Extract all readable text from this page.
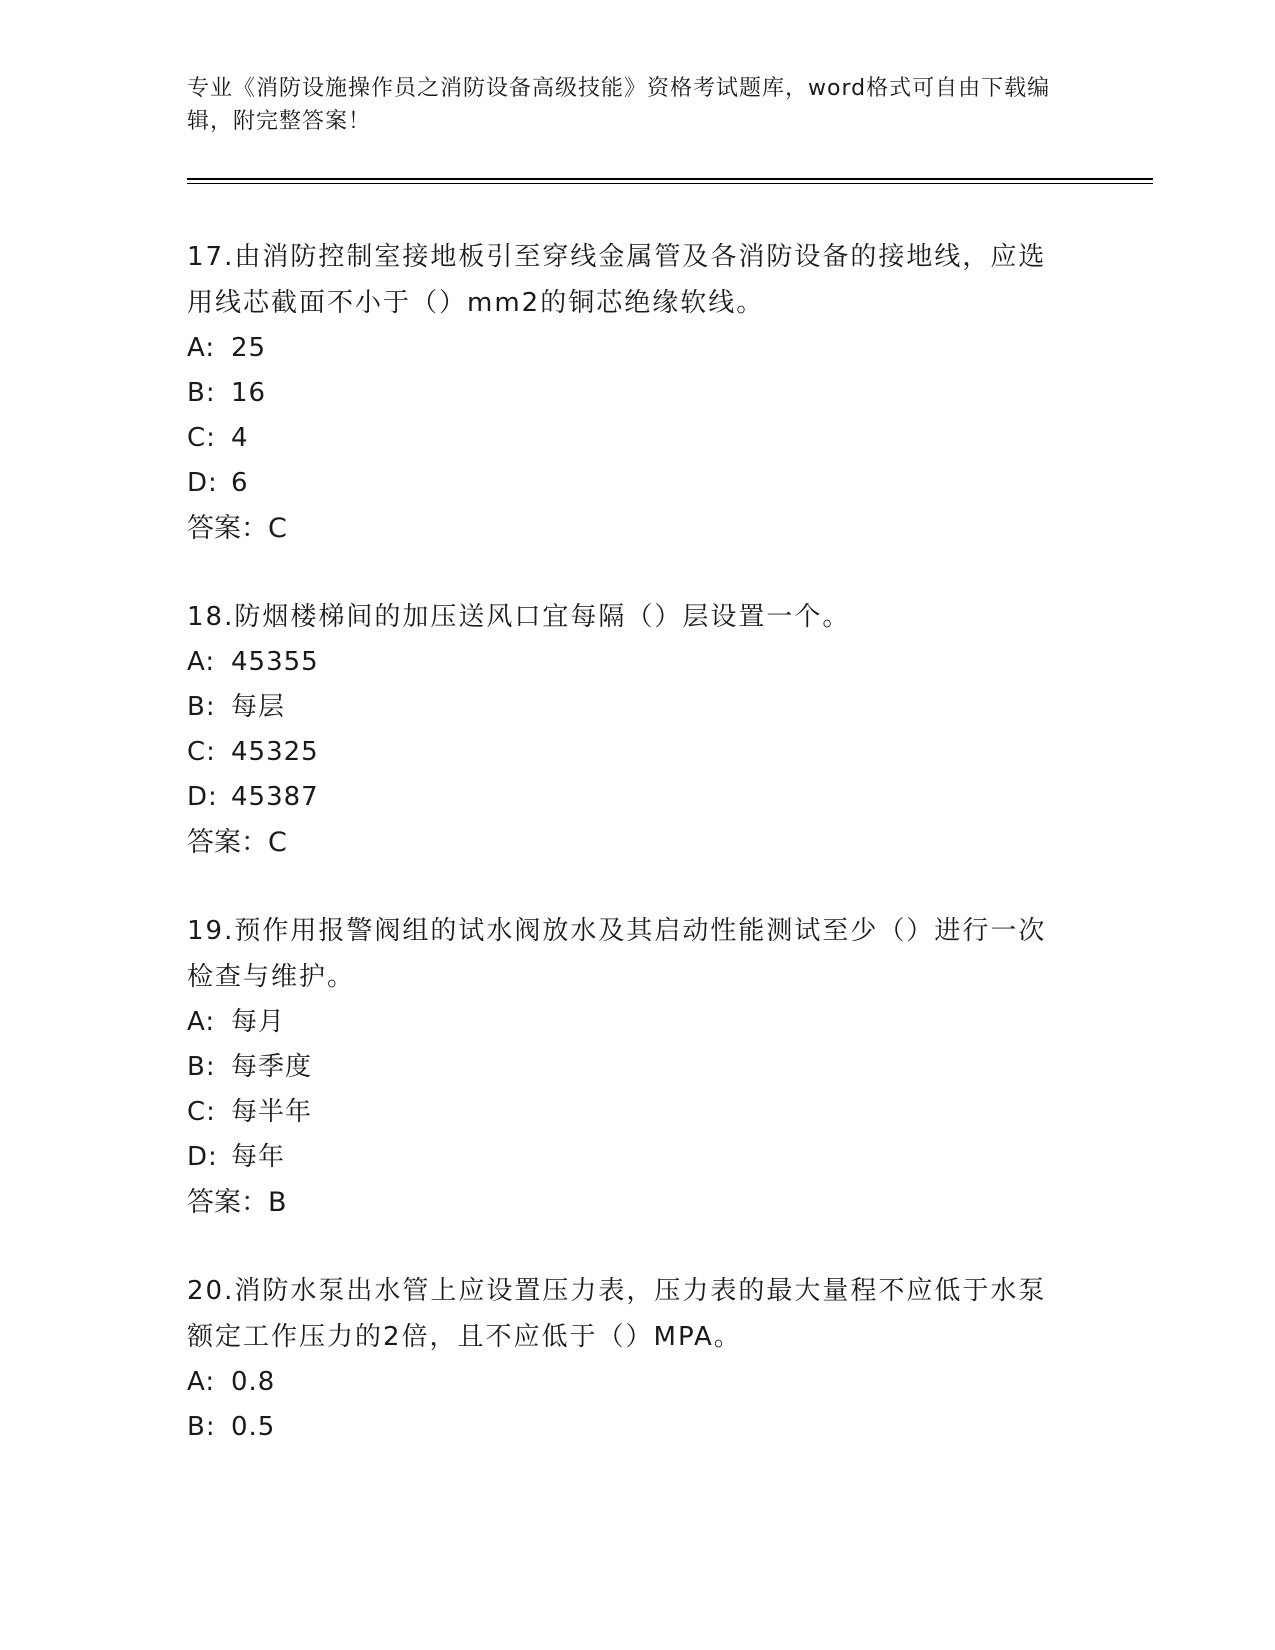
专业《消防设施操作员之消防设备高级技能》资格考试题库，word格式可自由下载编辑，附完整答案！
17.由消防控制室接地板引至穿线金属管及各消防设备的接地线，应选用线芯截面不小于（）mm2的铜芯绝缘软线。
A: 25
B: 16
C: 4
D: 6
答案：C
18.防烟楼梯间的加压送风口宜每隔（）层设置一个。
A: 45355
B: 每层
C: 45325
D: 45387
答案：C
19.预作用报警阀组的试水阀放水及其启动性能测试至少（）进行一次检查与维护。
A: 每月
B: 每季度
C: 每半年
D: 每年
答案：B
20.消防水泵出水管上应设置压力表，压力表的最大量程不应低于水泵额定工作压力的2倍，且不应低于（）MPA。
A: 0.8
B: 0.5
